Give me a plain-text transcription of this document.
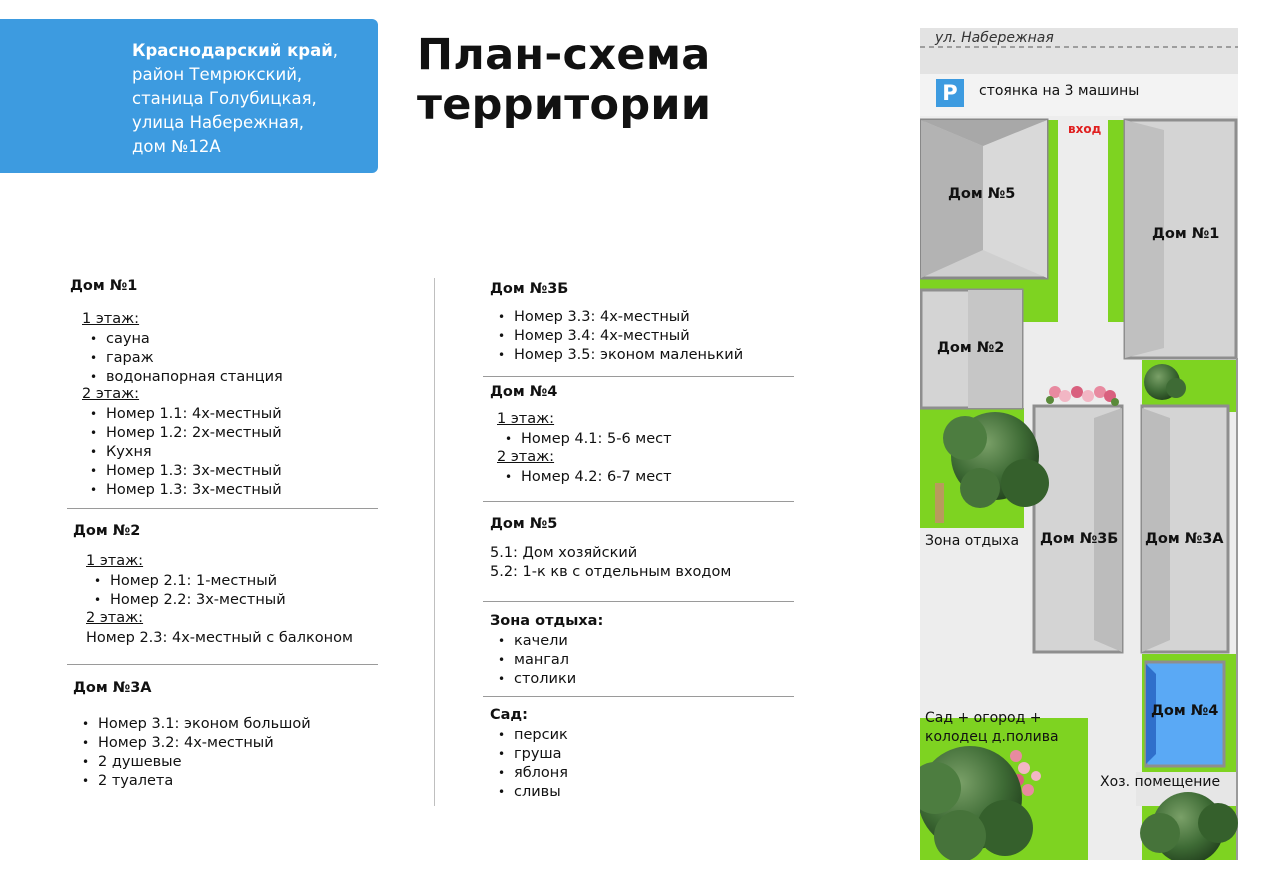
Краснодарский край,
район Темрюкский,
станица Голубицкая,
улица Набережная,
дом №12А
План-схема
территории
Дом №1
1 этаж:
• сауна
• гараж
• водонапорная станция
2 этаж:
• Номер 1.1: 4х-местный
• Номер 1.2: 2х-местный
• Кухня
• Номер 1.3: 3х-местный
• Номер 1.3: 3х-местный
Дом №2
1 этаж:
• Номер 2.1: 1-местный
• Номер 2.2: 3х-местный
2 этаж:
Номер 2.3: 4х-местный с балконом
Дом №3А
• Номер 3.1: эконом большой
• Номер 3.2: 4х-местный
• 2 душевые
• 2 туалета
Дом №3Б
• Номер 3.3: 4х-местный
• Номер 3.4: 4х-местный
• Номер 3.5: эконом маленький
Дом №4
1 этаж:
• Номер 4.1: 5-6 мест
2 этаж:
• Номер 4.2: 6-7 мест
Дом №5
5.1: Дом хозяйский
5.2: 1-к кв с отдельным входом
Зона отдыха:
• качели
• мангал
• столики
Сад:
• персик
• груша
• яблоня
• сливы
ул. Набережная
P	стоянка на 3 машины
вход
Дом №5
Дом №1
Дом №2
Зона отдыха Дом №3Б Дом №3А
Дом №4
Сад + огород +
колодец д.полива
Хоз. помещение
